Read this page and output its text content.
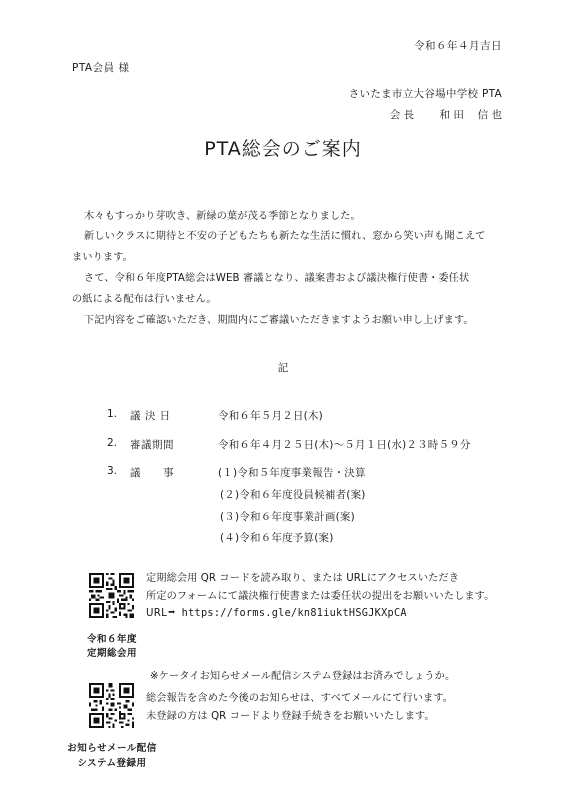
令和６年４月吉日
PTA会員 様
さいたま市立大谷場中学校 PTA
会 長 和 田　 信 也
PTA総会のご案内
木々もすっかり芽吹き、新緑の葉が茂る季節となりました。
新しいクラスに期待と不安の子どもたちも新たな生活に慣れ、窓から笑い声も聞こえて
まいります。
さて、令和６年度PTA総会はWEB 審議となり、議案書および議決権行使書・委任状
の紙による配布は行いません。
下記内容をご確認いただき、期間内にご審議いただきますようお願い申し上げます。
記
1. 議 決 日	令和６年５月２日(木)
2. 審議期間	令和６年４月２５日(木)～５月１日(水)２３時５９分
3. 議　　事	(１)令和５年度事業報告・決算
(２)令和６年度役員候補者(案)
(３)令和６年度事業計画(案)
(４)令和６年度予算(案)
令和６年度
定期総会用
定期総会用 QR コードを読み取り、または URLにアクセスいただき
所定のフォームにて議決権行使書または委任状の提出をお願いいたします。
URL➡ https://forms.gle/kn81iuktHSGJKXpCA
※ケータイお知らせメール配信システム登録はお済みでしょうか。
お知らせメール配信
システム登録用
総会報告を含めた今後のお知らせは、すべてメールにて行います。
未登録の方は QR コードより登録手続きをお願いいたします。
